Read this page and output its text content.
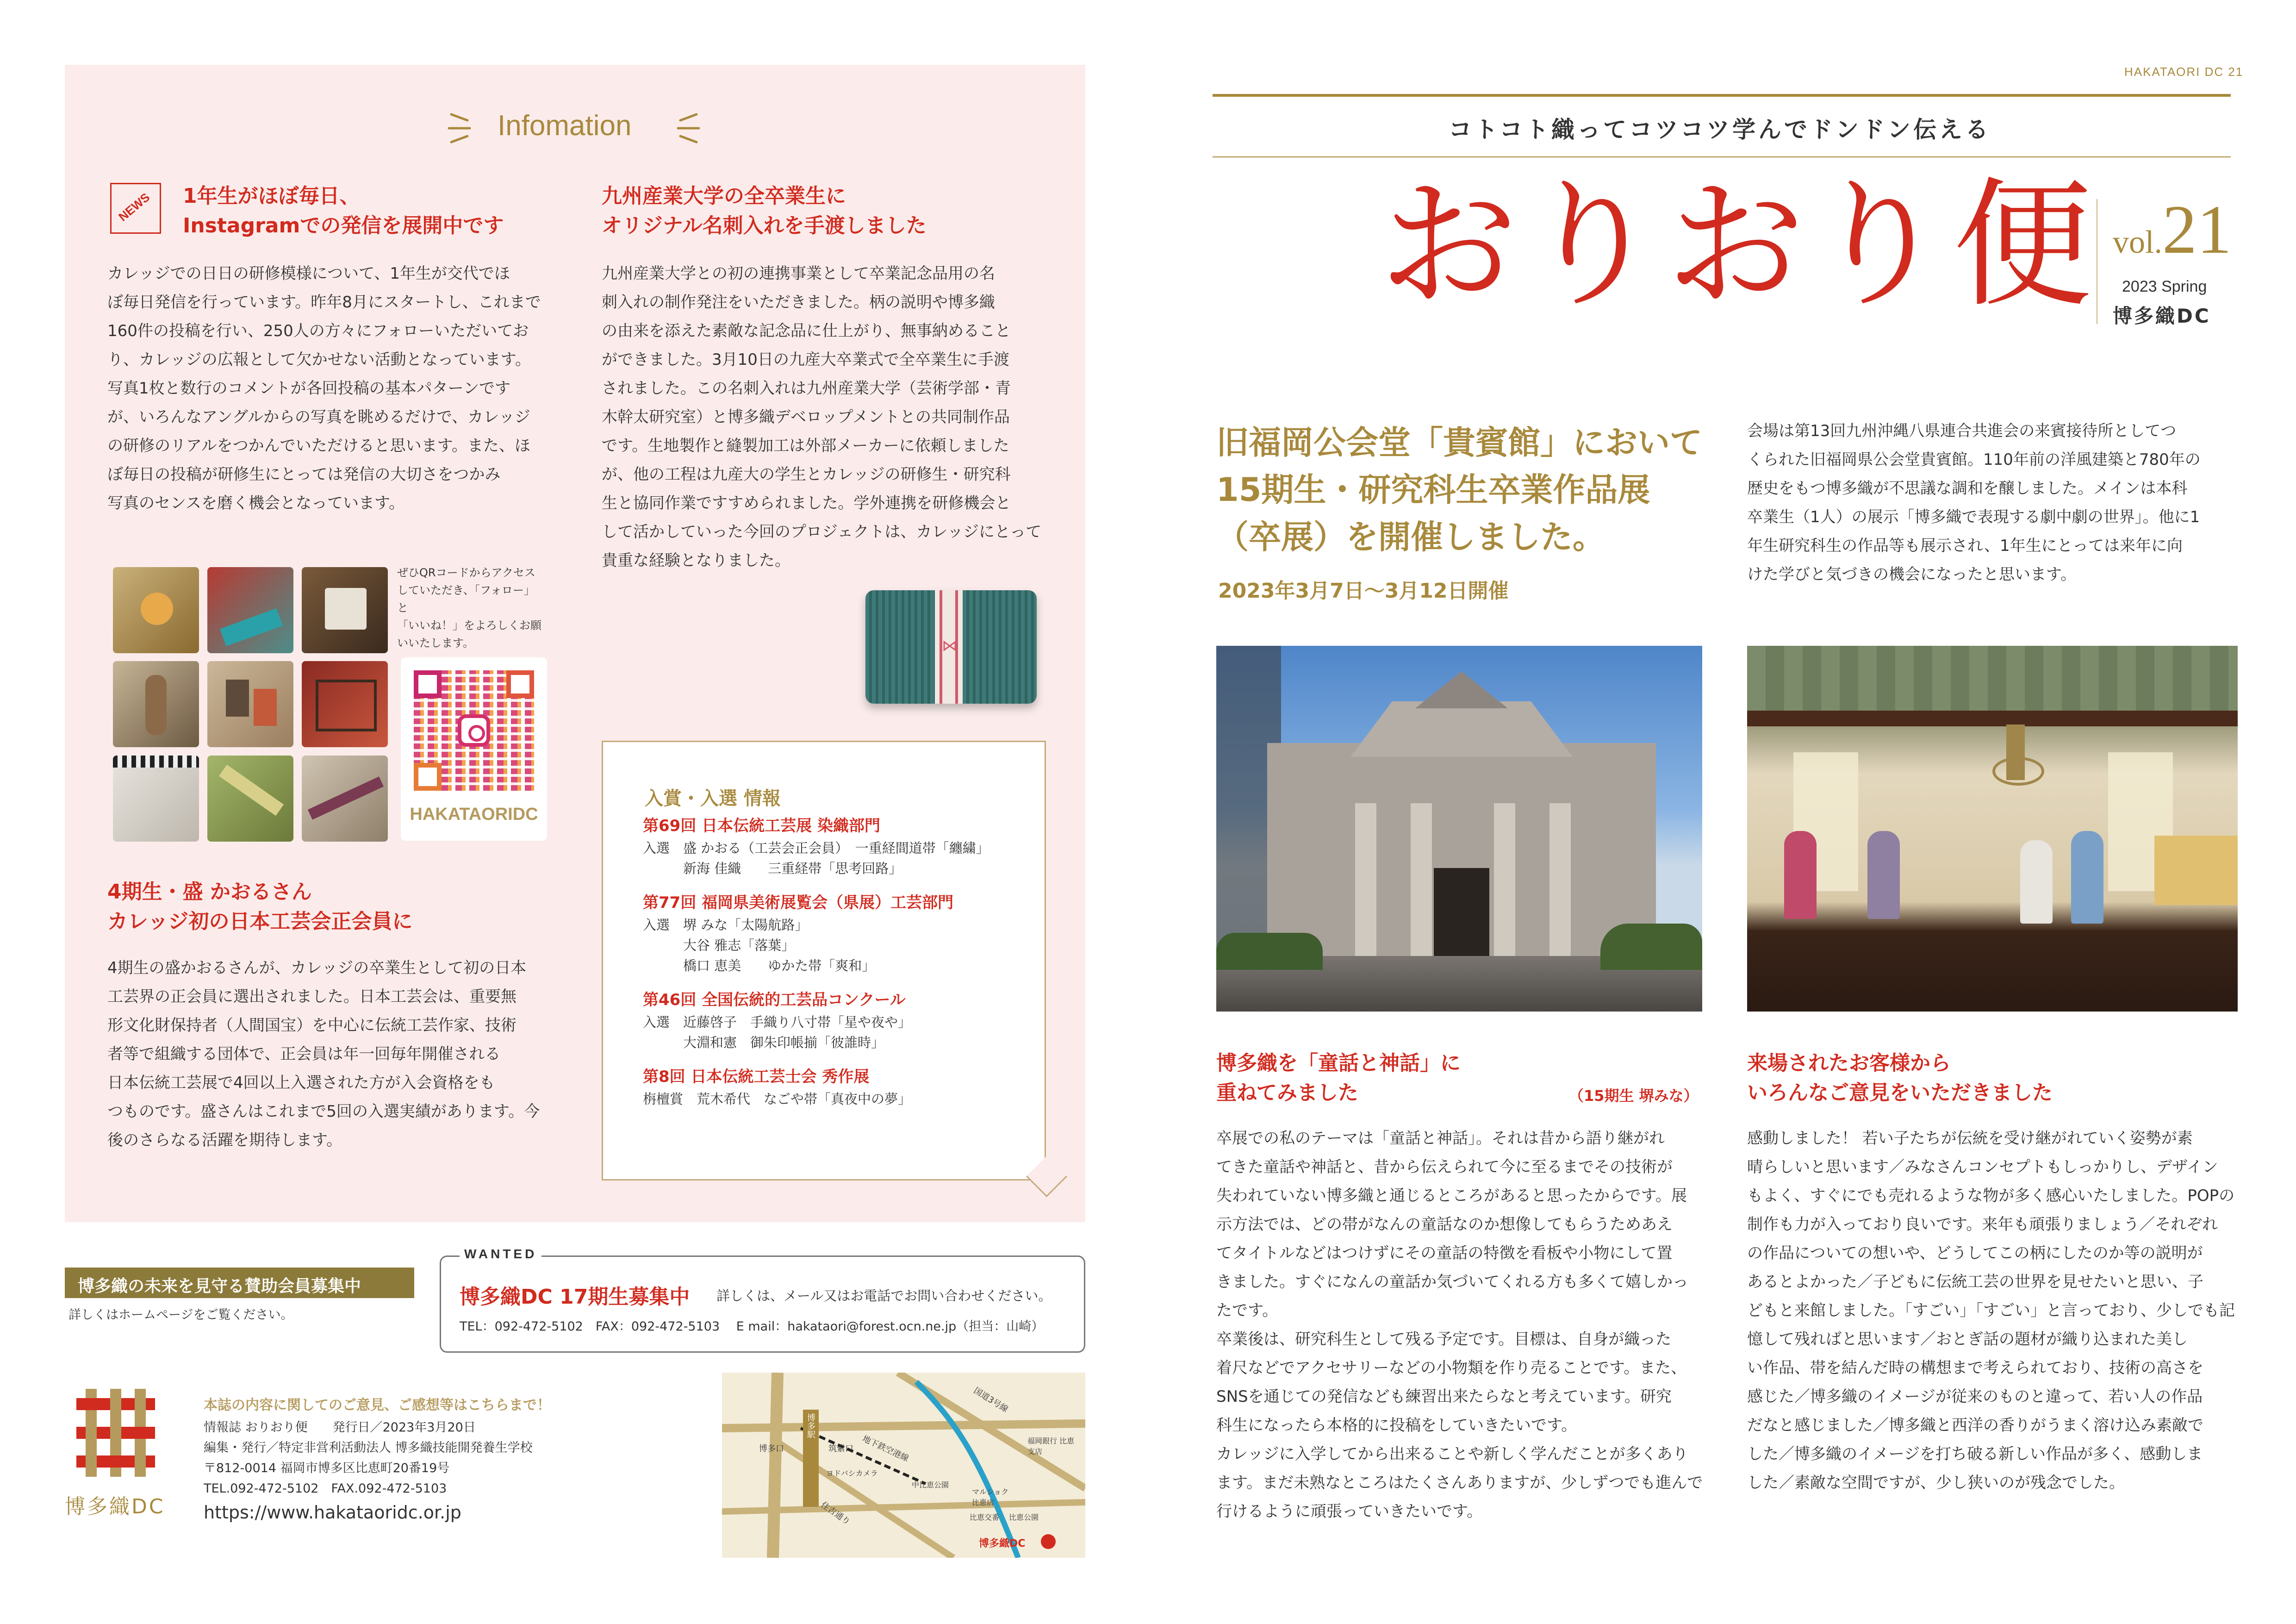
Infomation
NEWS 1年生がほぼ毎日、
Instagramでの発信を展開中です
カレッジでの日日の研修模様について、1年生が交代でほ
ぼ毎日発信を行っています。昨年8月にスタートし、これまで
160件の投稿を行い、250人の方々にフォローいただいてお
り、カレッジの広報として欠かせない活動となっています。
写真1枚と数行のコメントが各回投稿の基本パターンです
が、いろんなアングルからの写真を眺めるだけで、カレッジ
の研修のリアルをつかんでいただけると思います。また、ほ
ぼ毎日の投稿が研修生にとっては発信の大切さをつかみ
写真のセンスを磨く機会となっています。
ぜひQRコードからアクセス
していただき、「フォロー」と
「いいね！」をよろしくお願
いいたします。
HAKATAORIDC
九州産業大学の全卒業生に
オリジナル名刺入れを手渡しました
九州産業大学との初の連携事業として卒業記念品用の名
刺入れの制作発注をいただきました。柄の説明や博多織
の由来を添えた素敵な記念品に仕上がり、無事納めること
ができました。3月10日の九産大卒業式で全卒業生に手渡
されました。この名刺入れは九州産業大学（芸術学部・青
木幹太研究室）と博多織デベロップメントとの共同制作品
です。生地製作と縫製加工は外部メーカーに依頼しました
が、他の工程は九産大の学生とカレッジの研修生・研究科
生と協同作業ですすめられました。学外連携を研修機会と
して活かしていった今回のプロジェクトは、カレッジにとって
貴重な経験となりました。
⋈
4期生・盛 かおるさん
カレッジ初の日本工芸会正会員に
4期生の盛かおるさんが、カレッジの卒業生として初の日本
工芸界の正会員に選出されました。日本工芸会は、重要無
形文化財保持者（人間国宝）を中心に伝統工芸作家、技術
者等で組織する団体で、正会員は年一回毎年開催される
日本伝統工芸展で4回以上入選された方が入会資格をも
つものです。盛さんはこれまで5回の入選実績があります。今
後のさらなる活躍を期待します。
入賞・入選 情報
第69回 日本伝統工芸展 染織部門
入選　盛 かおる（工芸会正会員）　一重経間道帯「纏繍」
　　　新海 佳織　　三重経帯「思考回路」
第77回 福岡県美術展覧会（県展）工芸部門
入選　堺 みな「太陽航路」
　　　大谷 雅志「落葉」
　　　橋口 恵美　　ゆかた帯「爽和」
第46回 全国伝統的工芸品コンクール
入選　近藤啓子　手織り八寸帯「星や夜や」
　　　大淵和憲　御朱印帳揃「彼誰時」
第8回 日本伝統工芸士会 秀作展
栴檀賞　荒木希代　なごや帯「真夜中の夢」
博多織の未来を見守る賛助会員募集中
詳しくはホームページをご覧ください。
WANTED
博多織DC 17期生募集中 詳しくは、メール又はお電話でお問い合わせください。
TEL：092-472-5102　FAX：092-472-5103　 E mail：hakataori@forest.ocn.ne.jp（担当：山崎）
博多織DC
本誌の内容に関してのご意見、ご感想等はこちらまで！
情報誌 おりおり便　　発行日／2023年3月20日
編集・発行／特定非営利活動法人 博多織技能開発養生学校
〒812-0014 福岡市博多区比恵町20番19号
TEL.092-472-5102　FAX.092-472-5103
https://www.hakataoridc.or.jp
博多駅
博多口	筑紫口 地下鉄空港線
ヨドバシカメラ
住吉通り
国道3号線
福岡銀行 比恵支店
中比恵公園
マルショク 比恵店
比恵交番 比恵公園
博多織DC
HAKATAORI DC 21
コトコト織ってコツコツ学んでドンドン伝える
おりおり便 vol.21
2023 Spring
博多織DC
旧福岡公会堂「貴賓館」において
15期生・研究科生卒業作品展
（卒展）を開催しました。
2023年3月7日〜3月12日開催
会場は第13回九州沖縄八県連合共進会の来賓接待所としてつ
くられた旧福岡県公会堂貴賓館。110年前の洋風建築と780年の
歴史をもつ博多織が不思議な調和を醸しました。メインは本科
卒業生（1人）の展示「博多織で表現する劇中劇の世界」。他に1
年生研究科生の作品等も展示され、1年生にとっては来年に向
けた学びと気づきの機会になったと思います。
博多織を「童話と神話」に
重ねてみました	（15期生 堺みな）
卒展での私のテーマは「童話と神話」。それは昔から語り継がれ
てきた童話や神話と、昔から伝えられて今に至るまでその技術が
失われていない博多織と通じるところがあると思ったからです。展
示方法では、どの帯がなんの童話なのか想像してもらうためあえ
てタイトルなどはつけずにその童話の特徴を看板や小物にして置
きました。すぐになんの童話か気づいてくれる方も多くて嬉しかっ
たです。
卒業後は、研究科生として残る予定です。目標は、自身が織った
着尺などでアクセサリーなどの小物類を作り売ることです。また、
SNSを通じての発信なども練習出来たらなと考えています。研究
科生になったら本格的に投稿をしていきたいです。
カレッジに入学してから出来ることや新しく学んだことが多くあり
ます。まだ未熟なところはたくさんありますが、少しずつでも進んで
行けるように頑張っていきたいです。
来場されたお客様から
いろんなご意見をいただきました
感動しました！ 若い子たちが伝統を受け継がれていく姿勢が素
晴らしいと思います／みなさんコンセプトもしっかりし、デザイン
もよく、すぐにでも売れるような物が多く感心いたしました。POPの
制作も力が入っており良いです。来年も頑張りましょう／それぞれ
の作品についての想いや、どうしてこの柄にしたのか等の説明が
あるとよかった／子どもに伝統工芸の世界を見せたいと思い、子
どもと来館しました。「すごい」「すごい」と言っており、少しでも記
憶して残ればと思います／おとぎ話の題材が織り込まれた美し
い作品、帯を結んだ時の構想まで考えられており、技術の高さを
感じた／博多織のイメージが従来のものと違って、若い人の作品
だなと感じました／博多織と西洋の香りがうまく溶け込み素敵で
した／博多織のイメージを打ち破る新しい作品が多く、感動しま
した／素敵な空間ですが、少し狭いのが残念でした。
